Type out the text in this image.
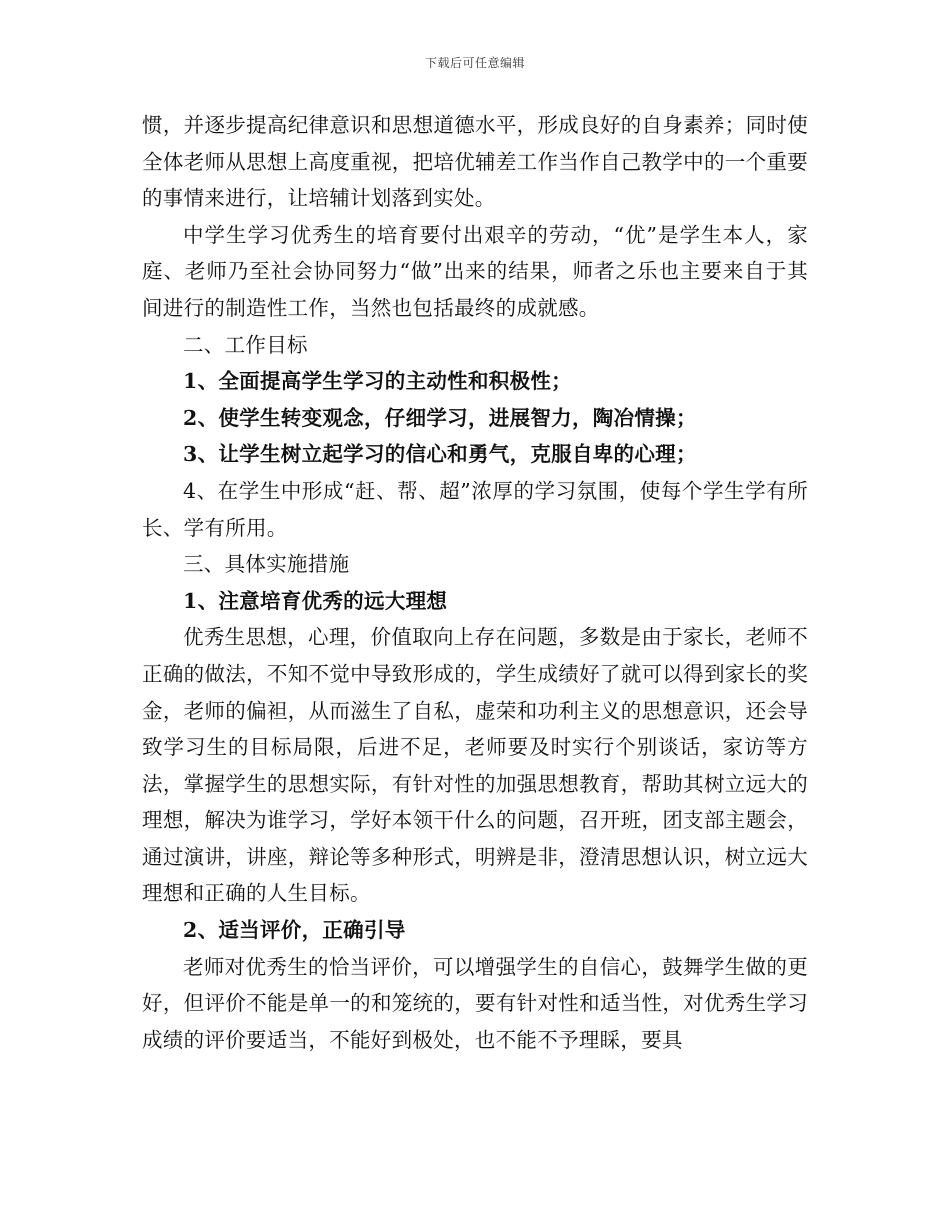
下载后可任意编辑

惯，并逐步提高纪律意识和思想道德水平，形成良好的自身素养；同时使全体老师从思想上高度重视，把培优辅差工作当作自己教学中的一个重要的事情来进行，让培辅计划落到实处。

中学生学习优秀生的培育要付出艰辛的劳动，“优”是学生本人，家庭、老师乃至社会协同努力“做”出来的结果，师者之乐也主要来自于其间进行的制造性工作，当然也包括最终的成就感。

二、工作目标

1、全面提高学生学习的主动性和积极性；

2、使学生转变观念，仔细学习，进展智力，陶冶情操；

3、让学生树立起学习的信心和勇气，克服自卑的心理；

4、在学生中形成“赶、帮、超”浓厚的学习氛围，使每个学生学有所长、学有所用。

三、具体实施措施

1、注意培育优秀的远大理想

优秀生思想，心理，价值取向上存在问题，多数是由于家长，老师不正确的做法，不知不觉中导致形成的，学生成绩好了就可以得到家长的奖金，老师的偏袒，从而滋生了自私，虚荣和功利主义的思想意识，还会导致学习生的目标局限，后进不足，老师要及时实行个别谈话，家访等方法，掌握学生的思想实际，有针对性的加强思想教育，帮助其树立远大的理想，解决为谁学习，学好本领干什么的问题，召开班，团支部主题会，通过演讲，讲座，辩论等多种形式，明辨是非，澄清思想认识，树立远大理想和正确的人生目标。

2、适当评价，正确引导

老师对优秀生的恰当评价，可以增强学生的自信心，鼓舞学生做的更好，但评价不能是单一的和笼统的，要有针对性和适当性，对优秀生学习成绩的评价要适当，不能好到极处，也不能不予理睬，要具
